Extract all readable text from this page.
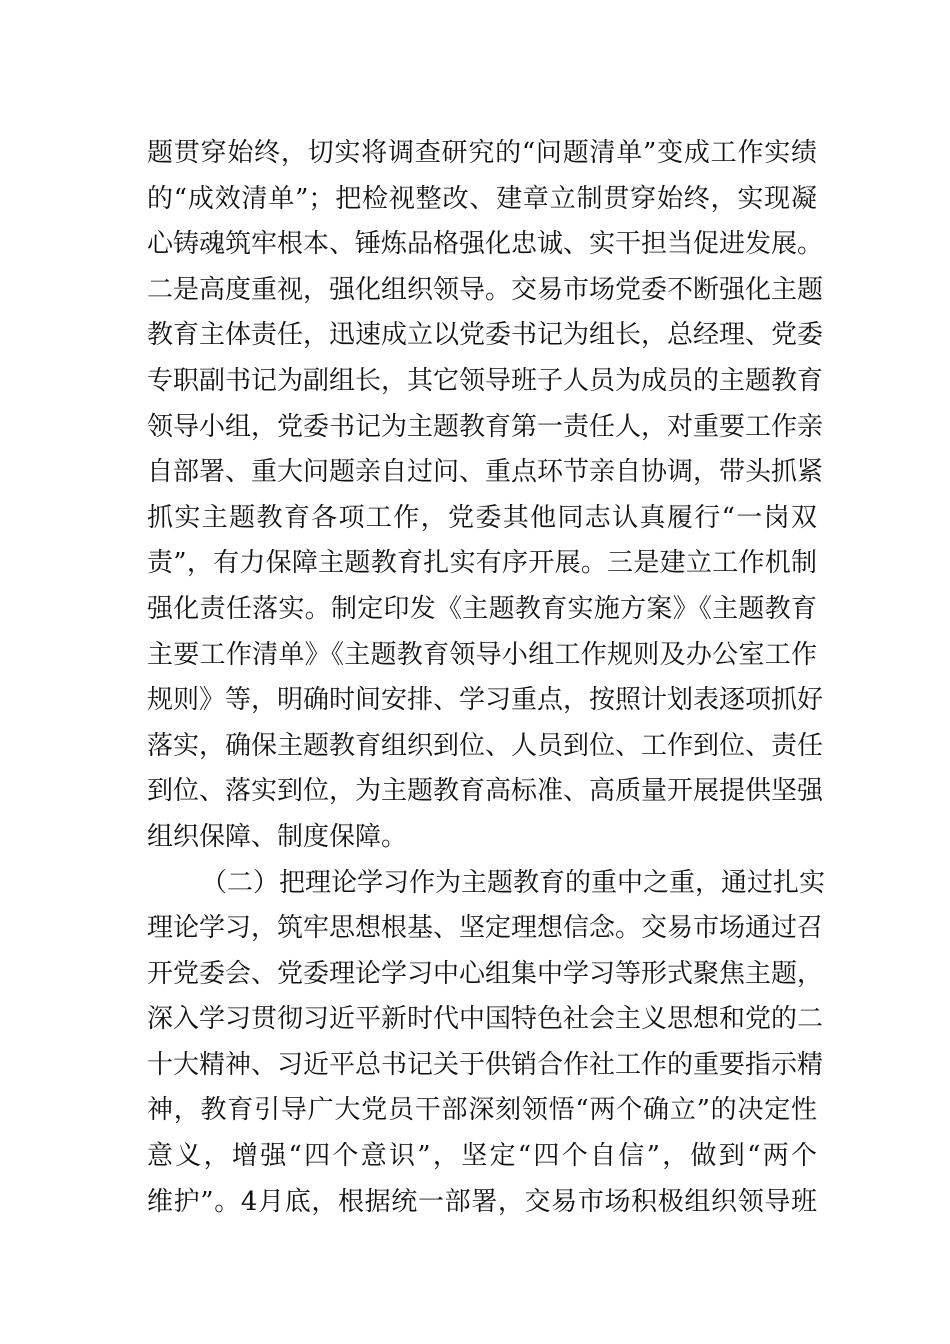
题贯穿始终，切实将调查研究的“问题清单”变成工作实绩
的“成效清单”；把检视整改、建章立制贯穿始终，实现凝
心铸魂筑牢根本、锤炼品格强化忠诚、实干担当促进发展。
二是高度重视，强化组织领导。交易市场党委不断强化主题
教育主体责任，迅速成立以党委书记为组长，总经理、党委
专职副书记为副组长，其它领导班子人员为成员的主题教育
领导小组，党委书记为主题教育第一责任人，对重要工作亲
自部署、重大问题亲自过问、重点环节亲自协调，带头抓紧
抓实主题教育各项工作，党委其他同志认真履行“一岗双
责”，有力保障主题教育扎实有序开展。三是建立工作机制
强化责任落实。制定印发《主题教育实施方案》《主题教育
主要工作清单》《主题教育领导小组工作规则及办公室工作
规则》等，明确时间安排、学习重点，按照计划表逐项抓好
落实，确保主题教育组织到位、人员到位、工作到位、责任
到位、落实到位，为主题教育高标准、高质量开展提供坚强
组织保障、制度保障。
（二）把理论学习作为主题教育的重中之重，通过扎实
理论学习，筑牢思想根基、坚定理想信念。交易市场通过召
开党委会、党委理论学习中心组集中学习等形式聚焦主题，
深入学习贯彻习近平新时代中国特色社会主义思想和党的二
十大精神、习近平总书记关于供销合作社工作的重要指示精
神，教育引导广大党员干部深刻领悟“两个确立”的决定性
意义，增强“四个意识”，坚定“四个自信”，做到“两个
维护”。4月底，根据统一部署，交易市场积极组织领导班
